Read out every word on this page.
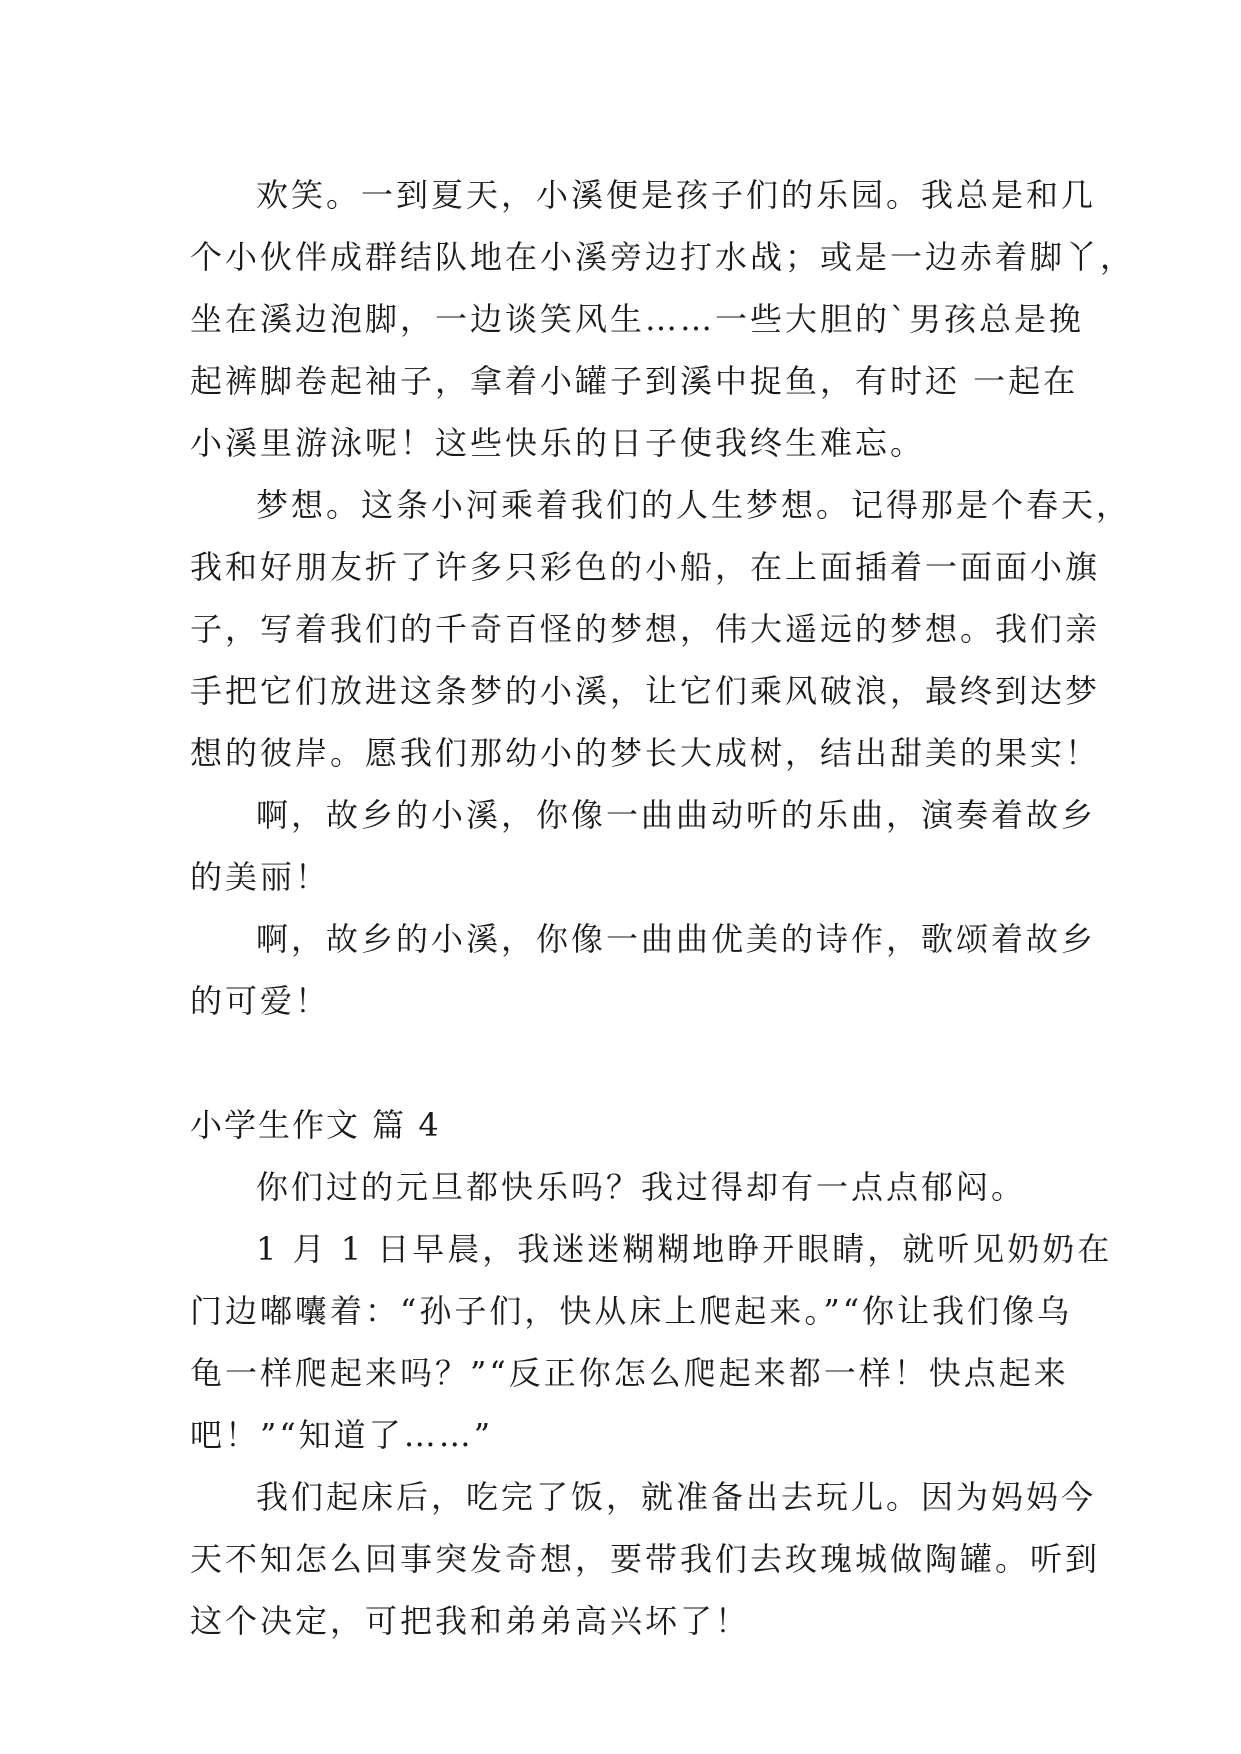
欢笑。一到夏天，小溪便是孩子们的乐园。我总是和几
个小伙伴成群结队地在小溪旁边打水战；或是一边赤着脚丫，
坐在溪边泡脚，一边谈笑风生……一些大胆的`男孩总是挽
起裤脚卷起袖子，拿着小罐子到溪中捉鱼，有时还 一起在
小溪里游泳呢！这些快乐的日子使我终生难忘。
梦想。这条小河乘着我们的人生梦想。记得那是个春天，
我和好朋友折了许多只彩色的小船，在上面插着一面面小旗
子，写着我们的千奇百怪的梦想，伟大遥远的梦想。我们亲
手把它们放进这条梦的小溪，让它们乘风破浪，最终到达梦
想的彼岸。愿我们那幼小的梦长大成树，结出甜美的果实！
啊，故乡的小溪，你像一曲曲动听的乐曲，演奏着故乡
的美丽！
啊，故乡的小溪，你像一曲曲优美的诗作，歌颂着故乡
的可爱！
小学生作文 篇 4
你们过的元旦都快乐吗？我过得却有一点点郁闷。
1 月 1 日早晨，我迷迷糊糊地睁开眼睛，就听见奶奶在
门边嘟囔着：“孙子们，快从床上爬起来。”“你让我们像乌
龟一样爬起来吗？”“反正你怎么爬起来都一样！快点起来
吧！”“知道了……”
我们起床后，吃完了饭，就准备出去玩儿。因为妈妈今
天不知怎么回事突发奇想，要带我们去玫瑰城做陶罐。听到
这个决定，可把我和弟弟高兴坏了！
